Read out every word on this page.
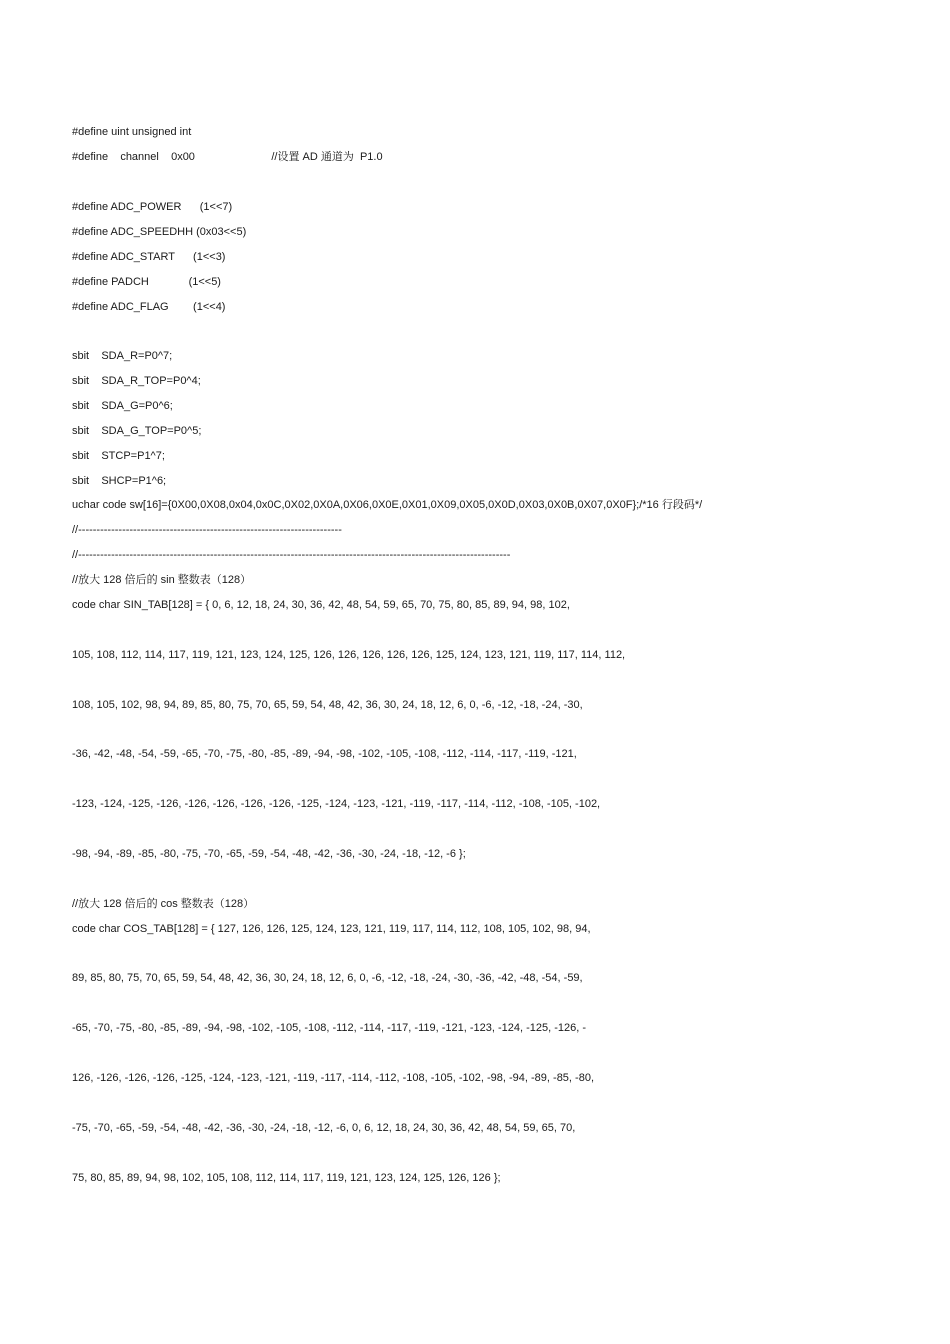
#define uint unsigned int
#define    channel    0x00                         //设置 AD 通道为  P1.0
#define ADC_POWER      (1<<7)
#define ADC_SPEEDHH (0x03<<5)
#define ADC_START      (1<<3)
#define PADCH             (1<<5)
#define ADC_FLAG        (1<<4)
sbit    SDA_R=P0^7;
sbit    SDA_R_TOP=P0^4;
sbit    SDA_G=P0^6;
sbit    SDA_G_TOP=P0^5;
sbit    STCP=P1^7;
sbit    SHCP=P1^6;
uchar code sw[16]={0X00,0X08,0x04,0x0C,0X02,0X0A,0X06,0X0E,0X01,0X09,0X05,0X0D,0X03,0X0B,0X07,0X0F};/*16 行段码*/
//------------------------------------------------------------------------
//----------------------------------------------------------------------------------------------------------------------
//放大 128 倍后的 sin 整数表（128）
code char SIN_TAB[128] = { 0, 6, 12, 18, 24, 30, 36, 42, 48, 54, 59, 65, 70, 75, 80, 85, 89, 94, 98, 102,
105, 108, 112, 114, 117, 119, 121, 123, 124, 125, 126, 126, 126, 126, 126, 125, 124, 123, 121, 119, 117, 114, 112,
108, 105, 102, 98, 94, 89, 85, 80, 75, 70, 65, 59, 54, 48, 42, 36, 30, 24, 18, 12, 6, 0, -6, -12, -18, -24, -30,
-36, -42, -48, -54, -59, -65, -70, -75, -80, -85, -89, -94, -98, -102, -105, -108, -112, -114, -117, -119, -121,
-123, -124, -125, -126, -126, -126, -126, -126, -125, -124, -123, -121, -119, -117, -114, -112, -108, -105, -102,
-98, -94, -89, -85, -80, -75, -70, -65, -59, -54, -48, -42, -36, -30, -24, -18, -12, -6 };
//放大 128 倍后的 cos 整数表（128）
code char COS_TAB[128] = { 127, 126, 126, 125, 124, 123, 121, 119, 117, 114, 112, 108, 105, 102, 98, 94,
89, 85, 80, 75, 70, 65, 59, 54, 48, 42, 36, 30, 24, 18, 12, 6, 0, -6, -12, -18, -24, -30, -36, -42, -48, -54, -59,
-65, -70, -75, -80, -85, -89, -94, -98, -102, -105, -108, -112, -114, -117, -119, -121, -123, -124, -125, -126, -
126, -126, -126, -126, -125, -124, -123, -121, -119, -117, -114, -112, -108, -105, -102, -98, -94, -89, -85, -80,
-75, -70, -65, -59, -54, -48, -42, -36, -30, -24, -18, -12, -6, 0, 6, 12, 18, 24, 30, 36, 42, 48, 54, 59, 65, 70,
75, 80, 85, 89, 94, 98, 102, 105, 108, 112, 114, 117, 119, 121, 123, 124, 125, 126, 126 };
